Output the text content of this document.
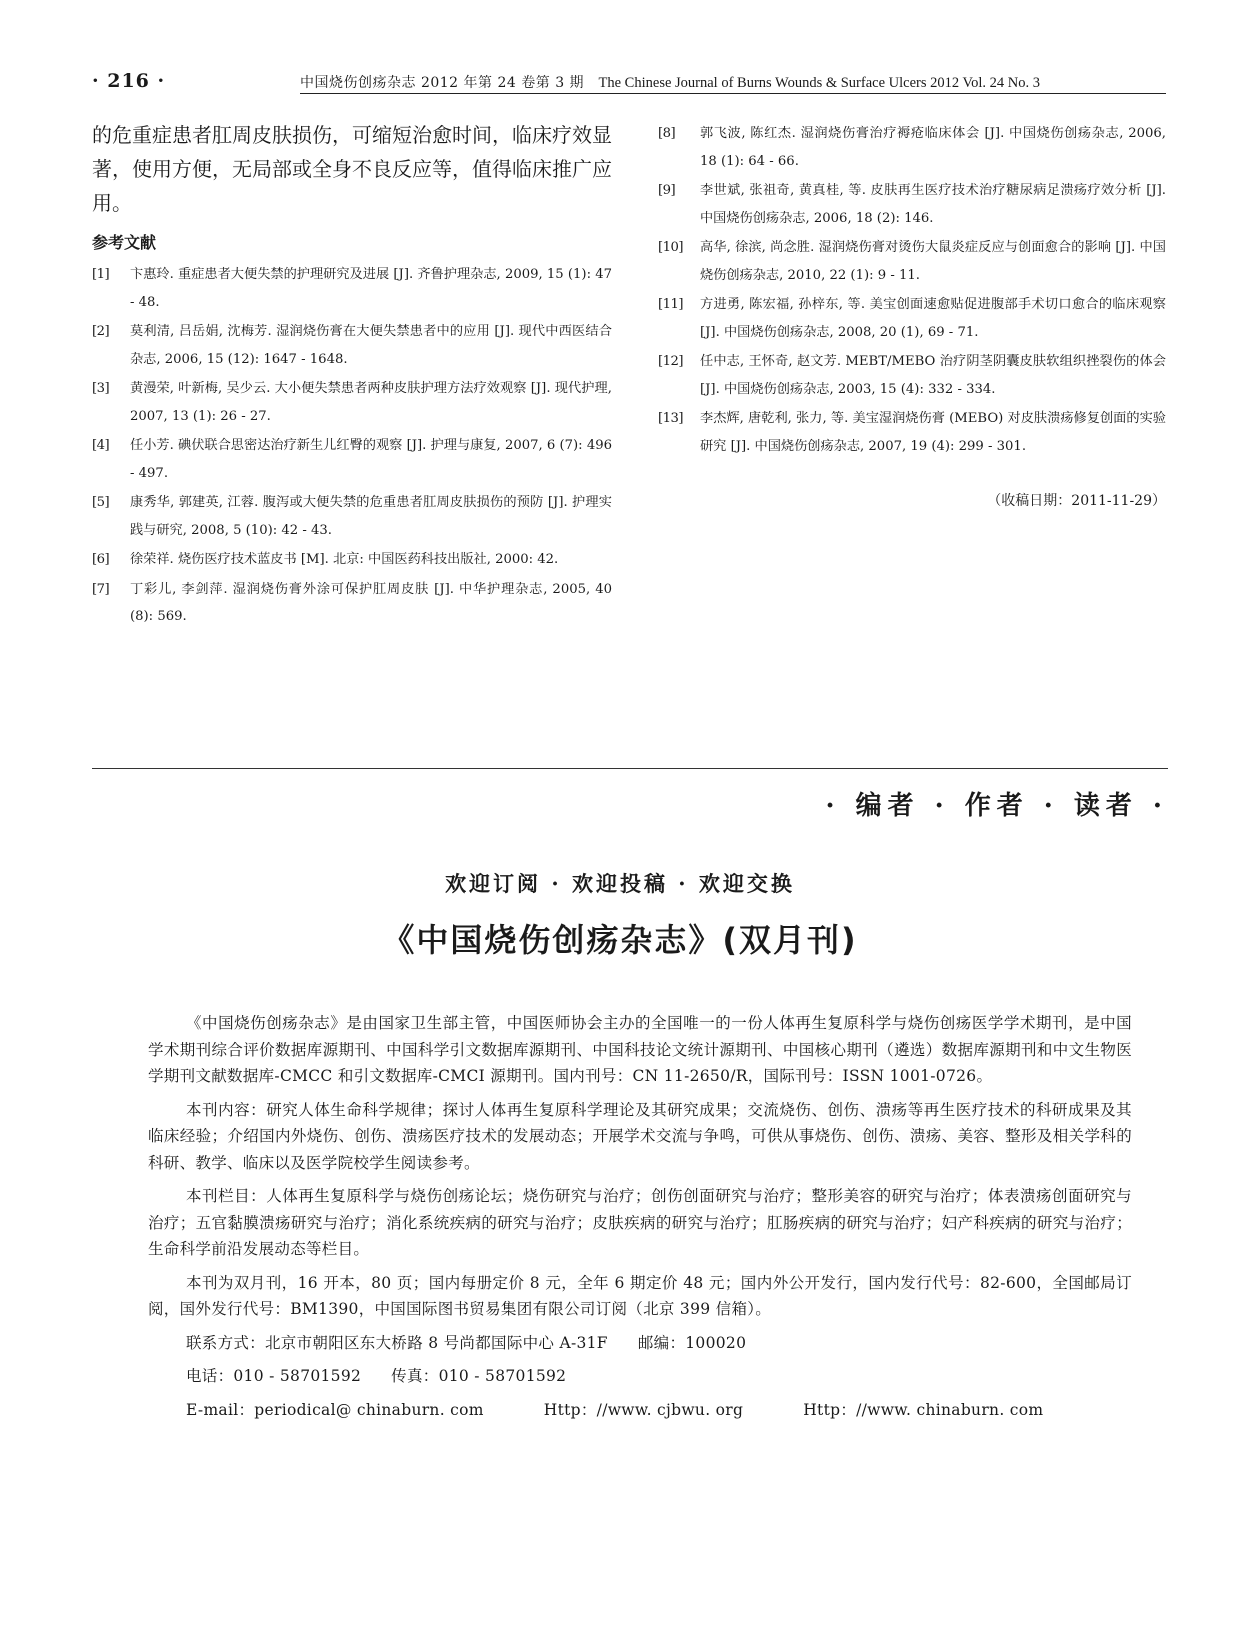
· 216 ·	中国烧伤创疡杂志 2012 年第 24 卷第 3 期 The Chinese Journal of Burns Wounds & Surface Ulcers 2012 Vol. 24 No. 3

的危重症患者肛周皮肤损伤，可缩短治愈时间，临床疗效显著，使用方便，无局部或全身不良反应等，值得临床推广应用。

参考文献
[1]	卞惠玲. 重症患者大便失禁的护理研究及进展 [J]. 齐鲁护理杂志, 2009, 15 (1): 47 - 48.
[2]	莫利清, 吕岳娟, 沈梅芳. 湿润烧伤膏在大便失禁患者中的应用 [J]. 现代中西医结合杂志, 2006, 15 (12): 1647 - 1648.
[3]	黄漫荣, 叶新梅, 吴少云. 大小便失禁患者两种皮肤护理方法疗效观察 [J]. 现代护理, 2007, 13 (1): 26 - 27.
[4]	任小芳. 碘伏联合思密达治疗新生儿红臀的观察 [J]. 护理与康复, 2007, 6 (7): 496 - 497.
[5]	康秀华, 郭建英, 江蓉. 腹泻或大便失禁的危重患者肛周皮肤损伤的预防 [J]. 护理实践与研究, 2008, 5 (10): 42 - 43.
[6]	徐荣祥. 烧伤医疗技术蓝皮书 [M]. 北京: 中国医药科技出版社, 2000: 42.
[7]	丁彩儿, 李剑萍. 湿润烧伤膏外涂可保护肛周皮肤 [J]. 中华护理杂志, 2005, 40 (8): 569.
[8]	郭飞波, 陈红杰. 湿润烧伤膏治疗褥疮临床体会 [J]. 中国烧伤创疡杂志, 2006, 18 (1): 64 - 66.
[9]	李世斌, 张祖奇, 黄真桂, 等. 皮肤再生医疗技术治疗糖尿病足溃疡疗效分析 [J]. 中国烧伤创疡杂志, 2006, 18 (2): 146.
[10]	高华, 徐滨, 尚念胜. 湿润烧伤膏对烫伤大鼠炎症反应与创面愈合的影响 [J]. 中国烧伤创疡杂志, 2010, 22 (1): 9 - 11.
[11]	方进勇, 陈宏福, 孙梓东, 等. 美宝创面速愈贴促进腹部手术切口愈合的临床观察 [J]. 中国烧伤创疡杂志, 2008, 20 (1), 69 - 71.
[12]	任中志, 王怀奇, 赵文芳. MEBT/MEBO 治疗阴茎阴囊皮肤软组织挫裂伤的体会 [J]. 中国烧伤创疡杂志, 2003, 15 (4): 332 - 334.
[13]	李杰辉, 唐乾利, 张力, 等. 美宝湿润烧伤膏 (MEBO) 对皮肤溃疡修复创面的实验研究 [J]. 中国烧伤创疡杂志, 2007, 19 (4): 299 - 301.
（收稿日期：2011-11-29）
· 编者 · 作者 · 读者 ·
欢迎订阅 · 欢迎投稿 · 欢迎交换
《中国烧伤创疡杂志》(双月刊)

《中国烧伤创疡杂志》是由国家卫生部主管，中国医师协会主办的全国唯一的一份人体再生复原科学与烧伤创疡医学学术期刊，是中国学术期刊综合评价数据库源期刊、中国科学引文数据库源期刊、中国科技论文统计源期刊、中国核心期刊（遴选）数据库源期刊和中文生物医学期刊文献数据库-CMCC 和引文数据库-CMCI 源期刊。国内刊号：CN 11-2650/R，国际刊号：ISSN 1001-0726。

本刊内容：研究人体生命科学规律；探讨人体再生复原科学理论及其研究成果；交流烧伤、创伤、溃疡等再生医疗技术的科研成果及其临床经验；介绍国内外烧伤、创伤、溃疡医疗技术的发展动态；开展学术交流与争鸣，可供从事烧伤、创伤、溃疡、美容、整形及相关学科的科研、教学、临床以及医学院校学生阅读参考。

本刊栏目：人体再生复原科学与烧伤创疡论坛；烧伤研究与治疗；创伤创面研究与治疗；整形美容的研究与治疗；体表溃疡创面研究与治疗；五官黏膜溃疡研究与治疗；消化系统疾病的研究与治疗；皮肤疾病的研究与治疗；肛肠疾病的研究与治疗；妇产科疾病的研究与治疗；生命科学前沿发展动态等栏目。

本刊为双月刊，16 开本，80 页；国内每册定价 8 元，全年 6 期定价 48 元；国内外公开发行，国内发行代号：82-600，全国邮局订阅，国外发行代号：BM1390，中国国际图书贸易集团有限公司订阅（北京 399 信箱）。

联系方式：北京市朝阳区东大桥路 8 号尚都国际中心 A-31F 邮编：100020
电话：010 - 58701592 传真：010 - 58701592
E-mail：periodical@ chinaburn. com	Http：//www. cjbwu. org	Http：//www. chinaburn. com
